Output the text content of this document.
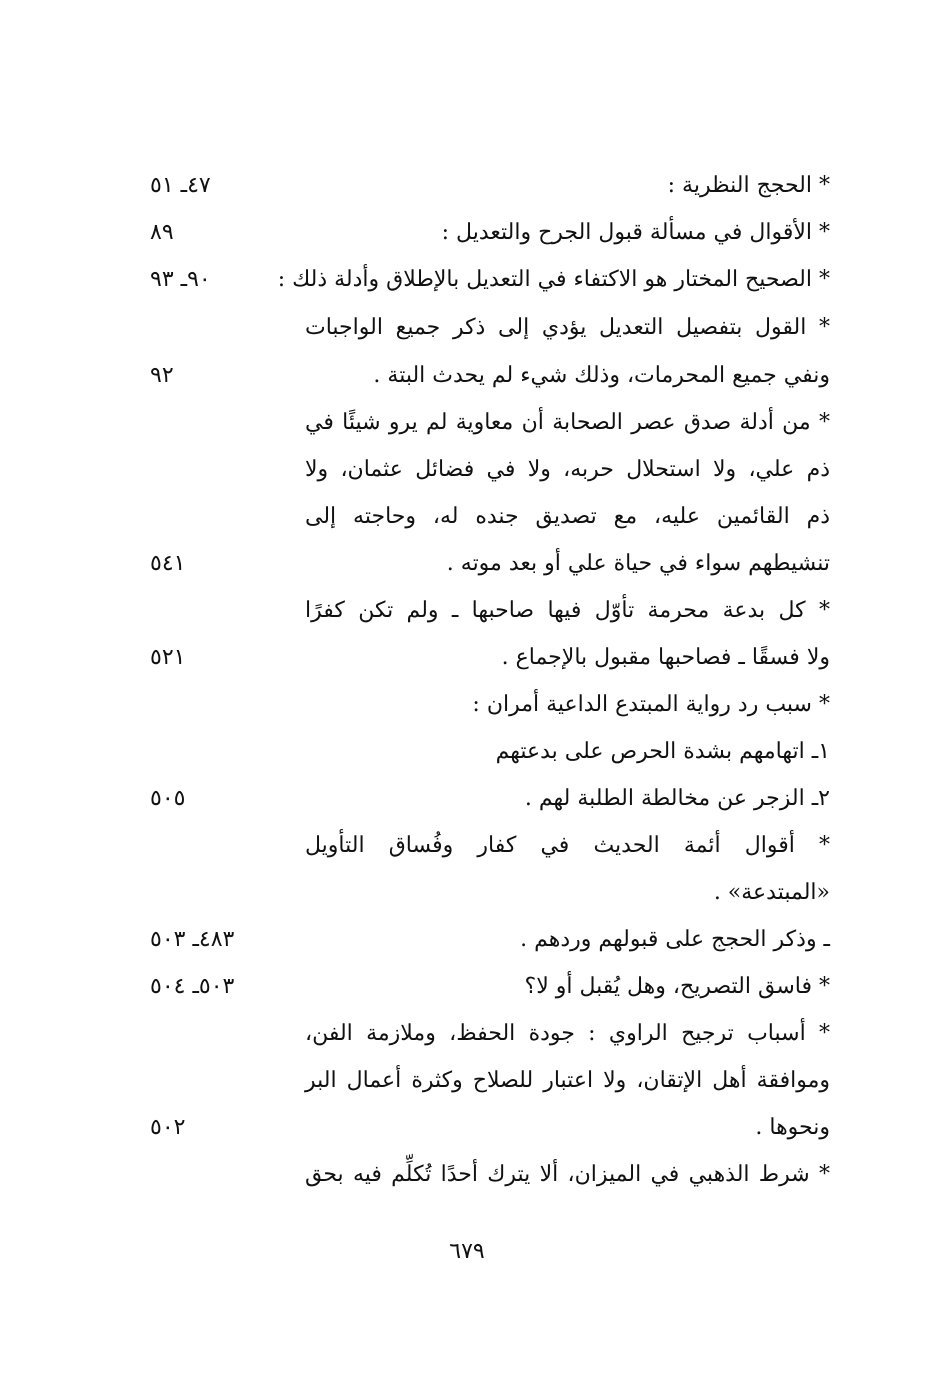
٤٧ـ ٥١	* الحجج النظرية :
٨٩	* الأقوال في مسألة قبول الجرح والتعديل :
٩٠ـ ٩٣	* الصحيح المختار هو الاكتفاء في التعديل بالإطلاق وأدلة ذلك :
* القول بتفصيل التعديل يؤدي إلى ذكر جميع الواجبات
٩٢	ونفي جميع المحرمات، وذلك شيء لم يحدث البتة .
* من أدلة صدق عصر الصحابة أن معاوية لم يرو شيئًا في
ذم علي، ولا استحلال حربه، ولا في فضائل عثمان، ولا
ذم القائمين عليه، مع تصديق جنده له، وحاجته إلى
٥٤١	تنشيطهم سواء في حياة علي أو بعد موته .
* كل بدعة محرمة تأوّل فيها صاحبها ـ ولم تكن كفرًا
٥٢١	ولا فسقًا ـ فصاحبها مقبول بالإجماع .
* سبب رد رواية المبتدع الداعية أمران :
١ـ اتهامهم بشدة الحرص على بدعتهم
٥٠٥	٢ـ الزجر عن مخالطة الطلبة لهم .
* أقوال أئمة الحديث في كفار وفُساق التأويل
«المبتدعة» .
٤٨٣ـ ٥٠٣	ـ وذكر الحجج على قبولهم وردهم .
٥٠٣ـ ٥٠٤	* فاسق التصريح، وهل يُقبل أو لا؟
* أسباب ترجيح الراوي : جودة الحفظ، وملازمة الفن،
وموافقة أهل الإتقان، ولا اعتبار للصلاح وكثرة أعمال البر
٥٠٢	ونحوها .
* شرط الذهبي في الميزان، ألا يترك أحدًا تُكلِّم فيه بحق
٦٧٩
